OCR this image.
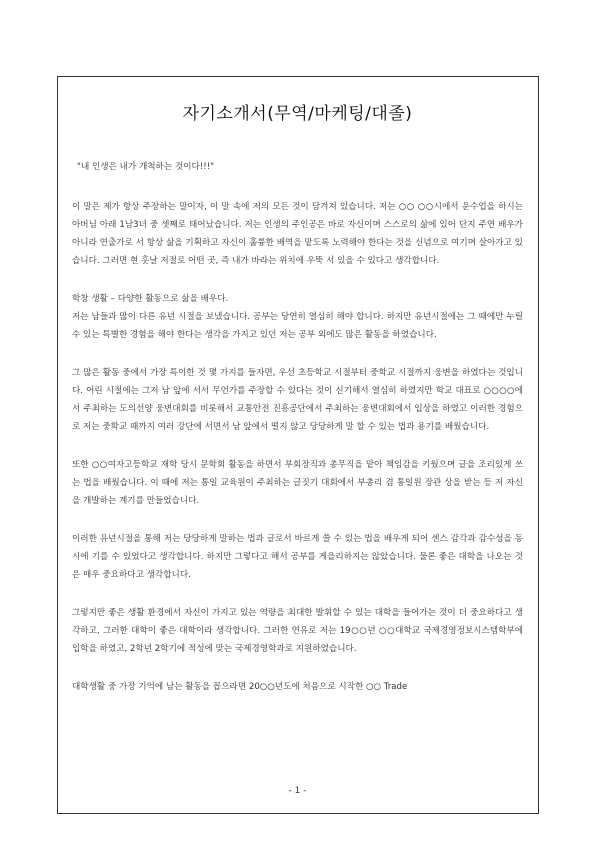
자기소개서(무역/마케팅/대졸)

"내 인생은 내가 개척하는 것이다!!!"

이 말은 제가 항상 주장하는 말이자, 이 말 속에 저의 모든 것이 담겨져 있습니다. 저는 ○○ ○○시에서 운수업을 하시는 아버님 아래 1남3녀 중 셋째로 태어났습니다. 저는 인생의 주인공은 바로 자신이며 스스로의 삶에 있어 단지 주연 배우가 아니라 연출가로 서 항상 삶을 기획하고 자신이 훌륭한 배역을 맡도록 노력해야 한다는 것을 신념으로 여기며 살아가고 있습니다. 그러면 현 훗날 저절로 어떤 곳, 즉 내가 바라는 위치에 우뚝 서 있을 수 있다고 생각합니다.

학창 생활 – 다양한 활동으로 삶을 배우다.

저는 남들과 많이 다른 유년 시절을 보냈습니다. 공부는 당연히 열심히 해야 합니다. 하지만 유년시절에는 그 때에만 누릴 수 있는 특별한 경험을 해야 한다는 생각을 가지고 있던 저는 공부 외에도 많은 활동을 하였습니다.

그 많은 활동 중에서 가장 특이한 것 몇 가지를 들자면, 우선 초등학교 시절부터 중학교 시절까지 웅변을 하였다는 것입니다. 어린 시절에는 그저 남 앞에 서서 무언가를 주장할 수 있다는 것이 신기해서 열심히 하였지만 학교 대표로 ○○○○에서 주최하는 도의선양 웅변대회를 비롯해서 교통안전 진흥공단에서 주최하는 웅변대회에서 입상을 하였고 이러한 경험으로 저는 중학교 때까지 여러 강단에 서면서 남 앞에서 떨지 않고 당당하게 말 할 수 있는 법과 용기를 배웠습니다.

또한 ○○여자고등학교 재학 당시 문학회 활동을 하면서 부회장직과 총무직을 맡아 책임감을 키웠으며 글을 조리있게 쓰는 법을 배웠습니다. 이 때에 저는 통일 교육원이 주최하는 글짓기 대회에서 부총리 겸 통일원 장관 상을 받는 등 저 자신을 개발하는 계기를 만들었습니다.

이러한 유년시절을 통해 저는 당당하게 말하는 법과 글로서 바르게 쓸 수 있는 법을 배우게 되어 센스 감각과 감수성을 동시에 기를 수 있었다고 생각합니다. 하지만 그렇다고 해서 공부를 게을리하지는 않았습니다. 물론 좋은 대학을 나오는 것은 매우 중요하다고 생각합니다.

그렇지만 좋은 생활 환경에서 자신이 가지고 있는 역량을 최대한 발휘할 수 있는 대학을 들어가는 것이 더 중요하다고 생각하고, 그러한 대학이 좋은 대학이라 생각합니다. 그러한 연유로 저는 19○○년 ○○대학교 국제경영정보시스템학부에 입학을 하였고, 2학년 2학기에 적성에 맞는 국제경영학과로 지원하였습니다.

대학생활 중 가장 기억에 남는 활동을 꼽으라면 20○○년도에 처음으로 시작한 ○○ Trade

- 1 -
